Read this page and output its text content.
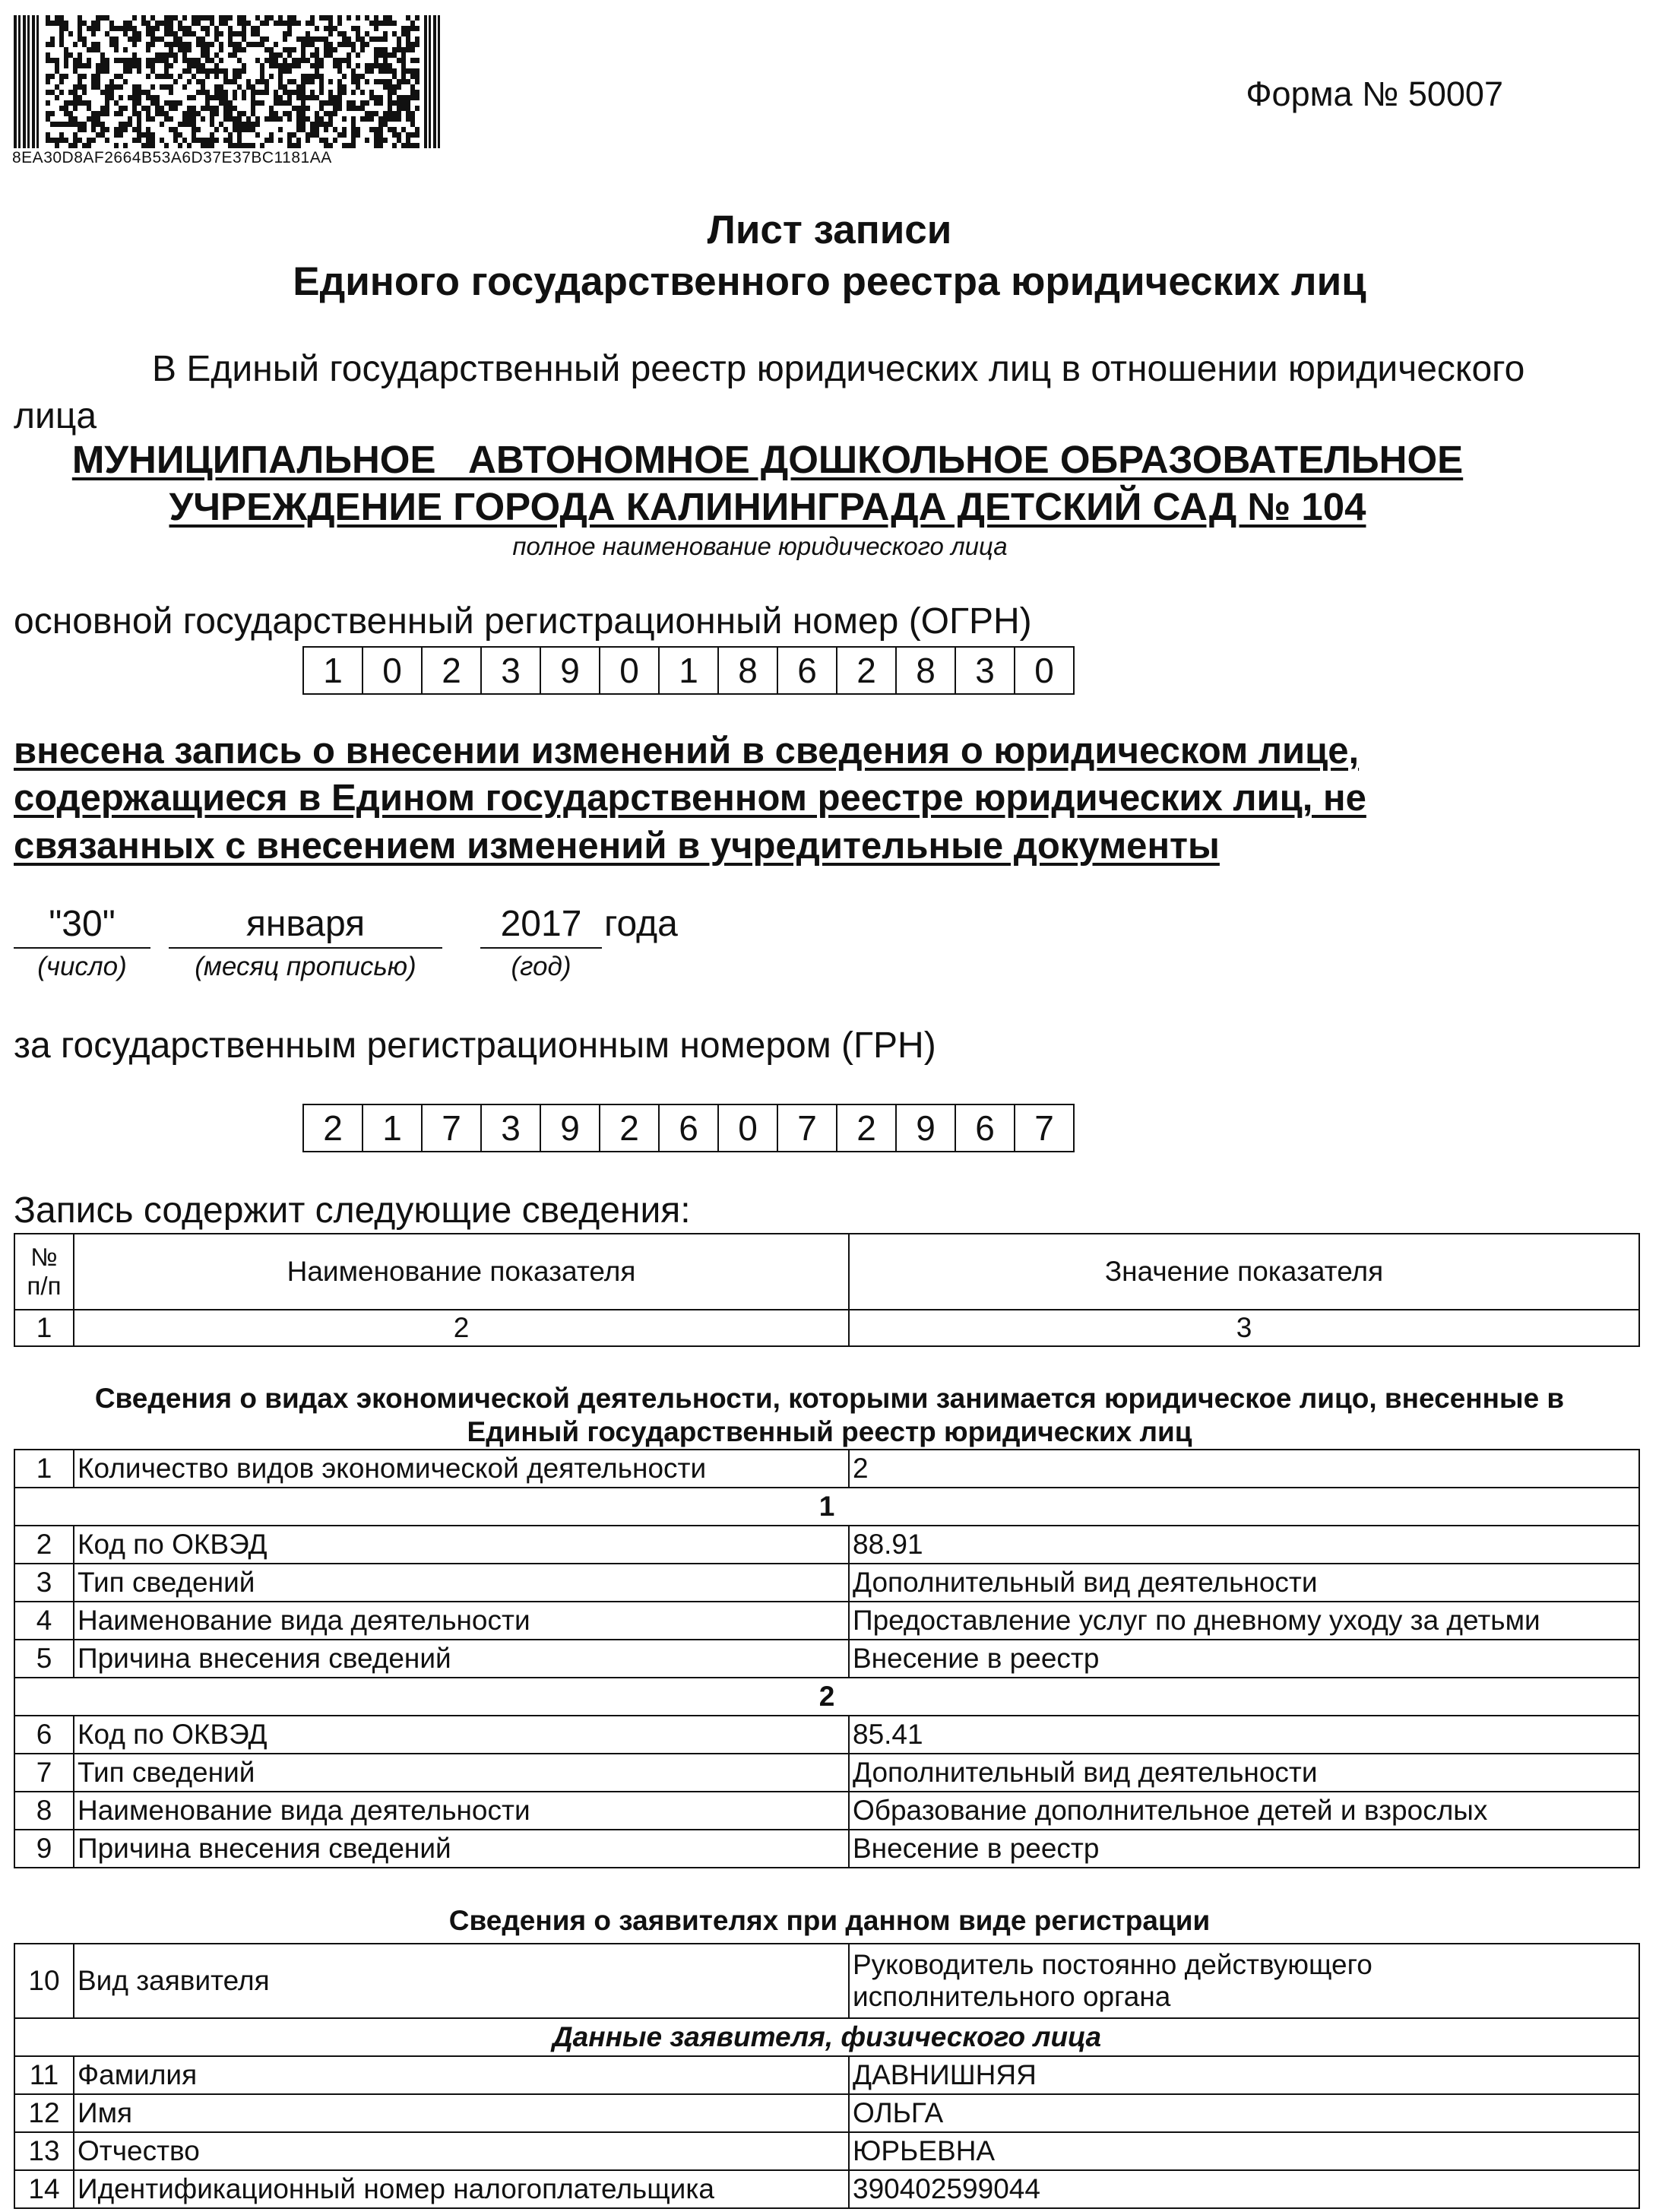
8EA30D8AF2664B53A6D37E37BC1181AA
Форма № 50007
Лист записи
Единого государственного реестра юридических лиц
В Единый государственный реестр юридических лиц в отношении юридического
лица
МУНИЦИПАЛЬНОЕ   АВТОНОМНОЕ ДОШКОЛЬНОЕ ОБРАЗОВАТЕЛЬНОЕ
УЧРЕЖДЕНИЕ ГОРОДА КАЛИНИНГРАДА ДЕТСКИЙ САД № 104
полное наименование юридического лица
основной государственный регистрационный номер (ОГРН)
1	0	2	3	9	0	1	8	6	2	8	3	0
внесена запись о внесении изменений в сведения о юридическом лице,
содержащиеся в Едином государственном реестре юридических лиц, не
связанных с внесением изменений в учредительные документы
"30"	января	2017 года
(число)	(месяц прописью)	(год)
за государственным регистрационным номером (ГРН)
2	1	7	3	9	2	6	0	7	2	9	6	7
Запись содержит следующие сведения:
№ п/п	Наименование показателя	Значение показателя
1	2	3
Сведения о видах экономической деятельности, которыми занимается юридическое лицо, внесенные в
Единый государственный реестр юридических лиц
1	Количество видов экономической деятельности	2
1		
2	Код по ОКВЭД	88.91
3	Тип сведений	Дополнительный вид деятельности
4	Наименование вида деятельности	Предоставление услуг по дневному уходу за детьми
5	Причина внесения сведений	Внесение в реестр
2		
6	Код по ОКВЭД	85.41
7	Тип сведений	Дополнительный вид деятельности
8	Наименование вида деятельности	Образование дополнительное детей и взрослых
9	Причина внесения сведений	Внесение в реестр
Сведения о заявителях при данном виде регистрации
10	Вид заявителя	Руководитель постоянно действующего
исполнительного органа

Данные заявителя, физического лица		
11	Фамилия	ДАВНИШНЯЯ
12	Имя	ОЛЬГА
13	Отчество	ЮРЬЕВНА
14	Идентификационный номер налогоплательщика	390402599044
